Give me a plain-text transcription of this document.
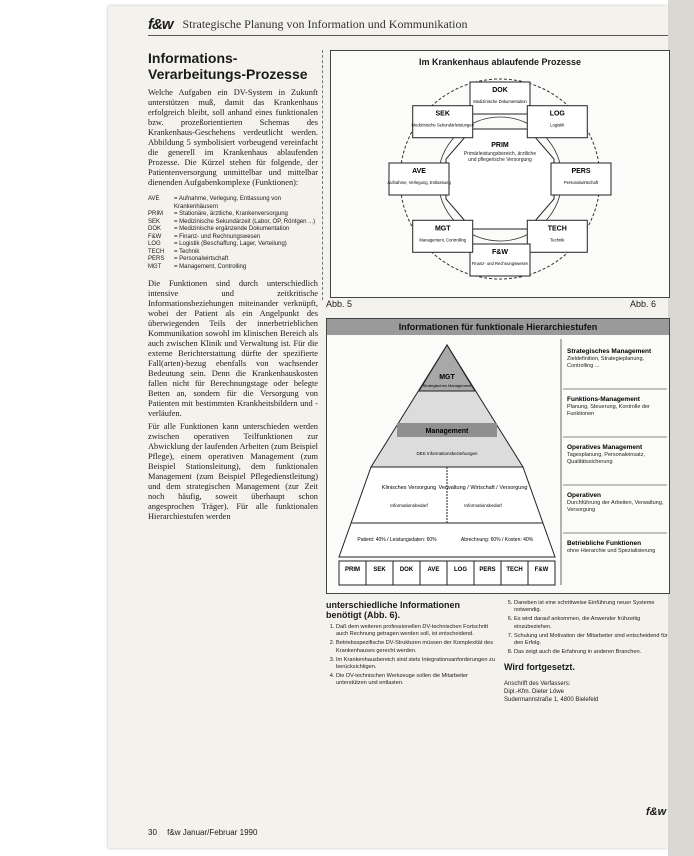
f&w Strategische Planung von Information und Kommunikation
Informations-Verarbeitungs-Prozesse

Welche Aufgaben ein DV-System in Zukunft unterstützen muß, damit das Krankenhaus erfolgreich bleibt, soll anhand eines funktionalen bzw. prozeßorientierten Schemas des Krankenhaus-Geschehens verdeutlicht werden. Abbildung 5 symbolisiert vorbeugend vereinfacht die generell im Krankenhaus ablaufenden Prozesse. Die Kürzel stehen für folgende, der Patientenversorgung unmittelbar und mittelbar dienenden Aufgabenkomplexe (Funktionen):

AVE	= Aufnahme, Verlegung, Entlassung von Krankenhäusern
PRIM	= Stationäre, ärztliche, Krankenversorgung
SEK	= Medizinische Sekundärzeit (Labor, OP, Röntgen ...)
DOK	= Medizinische ergänzende Dokumentation
F&W	= Finanz- und Rechnungswesen
LOG	= Logistik (Beschaffung, Lager, Verteilung)
TECH	= Technik
PERS	= Personalwirtschaft
MGT	= Management, Controlling

Die Funktionen sind durch unterschiedlich intensive und zeitkritische Informationsbeziehungen miteinander verknüpft, wobei der Patient als ein Angelpunkt des überwiegenden Teils der innerbetrieblichen Kommunikation sowohl im klinischen Bereich als auch zwischen Klinik und Verwaltung ist. Für die externe Berichterstattung dürfte der spezifierte Fall(arten)-bezug ebenfalls von wachsender Bedeutung sein. Denn die Krankenhauskosten fallen nicht für Berechnungstage oder belegte Betten an, sondern für die Versorgung von Patienten mit bestimmten Krankheitsbildern und -verläufen.

Für alle Funktionen kann unterschieden werden zwischen operativen Teilfunktionen zur Abwicklung der laufenden Arbeiten (zum Beispiel Pflege), einem operativen Management (zum Beispiel Stationsleitung), dem funktionalen Management (zum Beispiel Pflegedienstleitung) und dem strategischen Management (zur Zeit noch häufig, soweit überhaupt schon angesprochen Träger). Für alle funktionalen Hierarchiestufen werden

30 f&w Januar/Februar 1990
Im Krankenhaus ablaufende Prozesse
PRIM
Primärleistungsbereich, ärztliche und pflegerische Versorgung
DOK
Medizinische Dokumentation
LOG
Logistik
PERS
Personalwirtschaft
TECH
Technik
F&W
Finanz- und Rechnungswesen
MGT
Management, Controlling
AVE
Aufnahme, Verlegung, Entlassung
SEK
Medizinische Sekundärleistungen
Abb. 5	Abb. 6
Informationen für funktionale Hierarchiestufen
MGT
Strategisches Management
Management
DEK Informationsbeziehungen
Klinisches Versorgung
Informationsbedarf
Verwaltung / Wirtschaft / Versorgung
Informationsbedarf
Patient: 40% / Leistungsdaten: 60%	Abrechnung: 60% / Kosten: 40%
PRIM SEK DOK AVE LOG PERS TECH F&W
Strategisches Management
Zieldefinition, Strategieplanung, Controlling ...
Funktions-Management
Planung, Steuerung, Kontrolle der Funktionen
Operatives Management
Tagesplanung, Personaleinsatz, Qualitätssicherung
Operativen
Durchführung der Arbeiten, Verwaltung, Versorgung
Betriebliche Funktionen
ohne Hierarchie und Spezialisierung
unterschiedliche Informationen benötigt (Abb. 6).
1. Daß dem weiteren professionellen DV-technischen Fortschritt auch Rechnung getragen werden soll, ist entscheidend.
2. Betriebsspezifische DV-Strukturen müssen der Komplexität des Krankenhauses gerecht werden.
3. Im Krankenhausbereich sind stets Integrationsanforderungen zu berücksichtigen.
4. Die DV-technischen Werkzeuge sollen die Mitarbeiter unterstützen und entlasten.
5. Daneben ist eine schrittweise Einführung neuer Systeme notwendig.
6. Es wird darauf ankommen, die Anwender frühzeitig einzubeziehen.
7. Schulung und Motivation der Mitarbeiter sind entscheidend für den Erfolg.
8. Das zeigt auch die Erfahrung in anderen Branchen.
Wird fortgesetzt.
Anschrift des Verfassers:
Dipl.-Kfm. Dieter Löwe
Sudermannstraße 1, 4800 Bielefeld
f&w
